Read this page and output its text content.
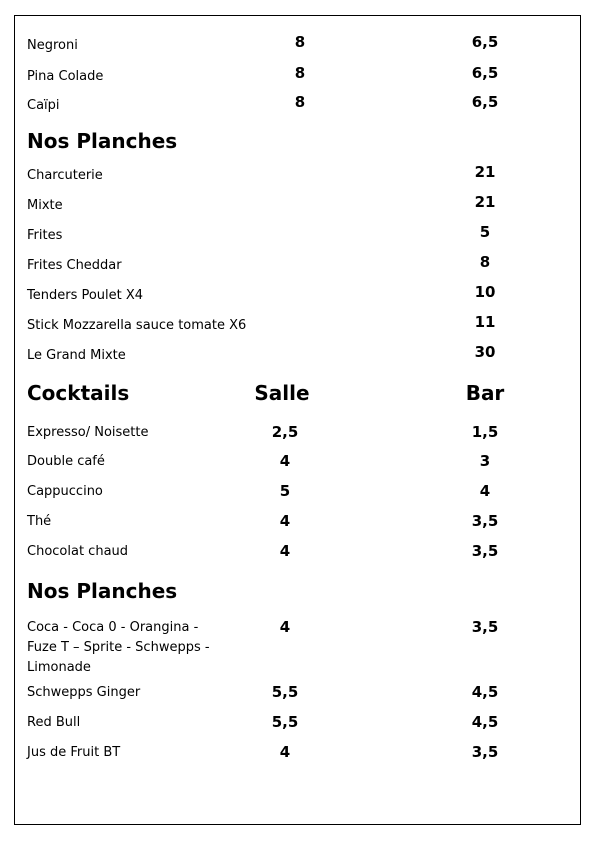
Negroni	8	6,5
Pina Colade	8	6,5
Caïpi	8	6,5
Nos Planches
Charcuterie	21
Mixte	21
Frites	5
Frites Cheddar	8
Tenders Poulet X4	10
Stick Mozzarella sauce tomate X6	11
Le Grand Mixte	30
Cocktails	Salle	Bar
Expresso/ Noisette	2,5	1,5
Double café	4	3
Cappuccino	5	4
Thé	4	3,5
Chocolat chaud	4	3,5
Nos Planches
Coca - Coca 0 - Orangina -
Fuze T – Sprite - Schwepps -
Limonade
4	3,5
Schwepps Ginger	5,5	4,5
Red Bull	5,5	4,5
Jus de Fruit BT	4	3,5
